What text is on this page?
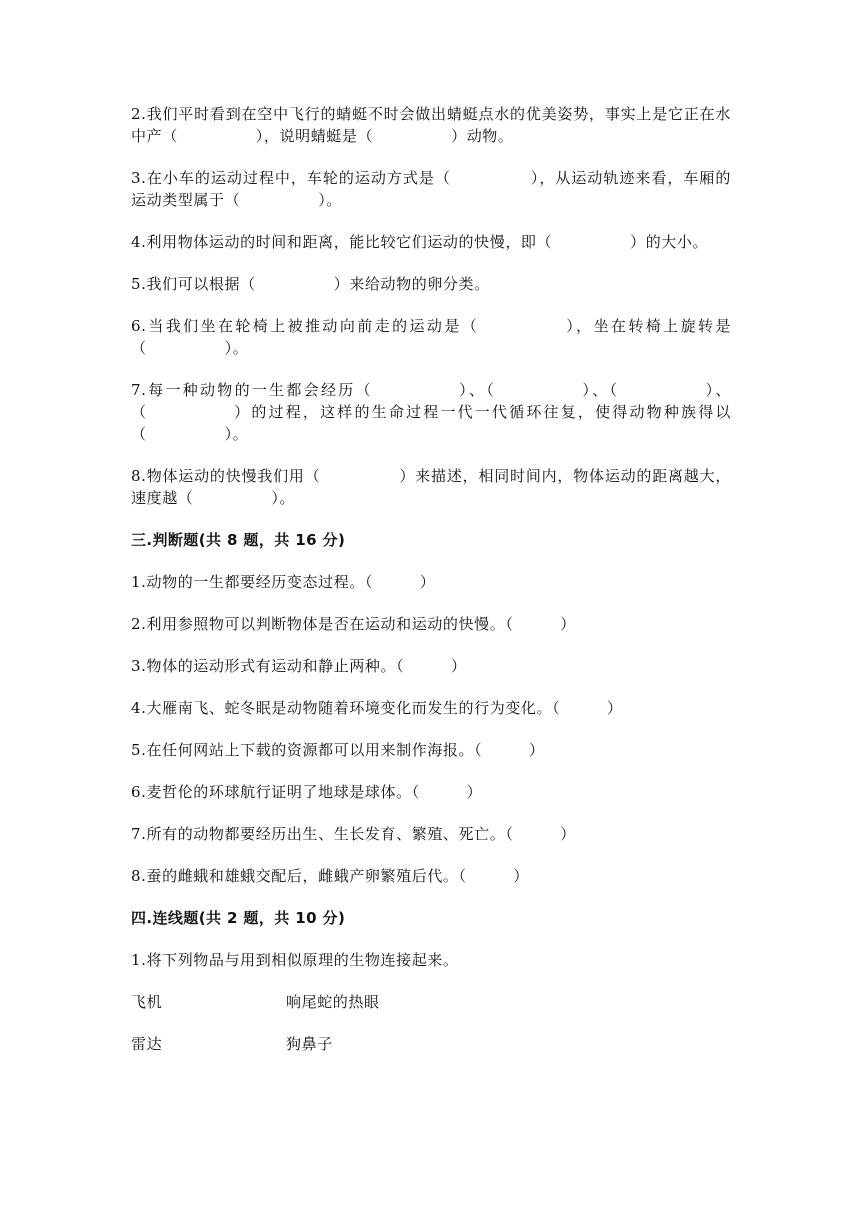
2.我们平时看到在空中飞行的蜻蜓不时会做出蜻蜓点水的优美姿势，事实上是它正在水中产（　　　　　），说明蜻蜓是（　　　　　）动物。

3.在小车的运动过程中，车轮的运动方式是（　　　　　），从运动轨迹来看，车厢的运动类型属于（　　　　　）。

4.利用物体运动的时间和距离，能比较它们运动的快慢，即（　　　　　）的大小。

5.我们可以根据（　　　　　）来给动物的卵分类。

6.当我们坐在轮椅上被推动向前走的运动是（　　　　　），坐在转椅上旋转是（　　　　　）。

7.每一种动物的一生都会经历（　　　　　）、（　　　　　）、（　　　　　）、（　　　　　）的过程，这样的生命过程一代一代循环往复，使得动物种族得以（　　　　　）。

8.物体运动的快慢我们用（　　　　　）来描述，相同时间内，物体运动的距离越大，速度越（　　　　　）。

三.判断题(共 8 题，共 16 分)

1.动物的一生都要经历变态过程。（　　　）

2.利用参照物可以判断物体是否在运动和运动的快慢。（　　　）

3.物体的运动形式有运动和静止两种。（　　　）

4.大雁南飞、蛇冬眠是动物随着环境变化而发生的行为变化。（　　　）

5.在任何网站上下载的资源都可以用来制作海报。（　　　）

6.麦哲伦的环球航行证明了地球是球体。（　　　）

7.所有的动物都要经历出生、生长发育、繁殖、死亡。（　　　）

8.蚕的雌蛾和雄蛾交配后，雌蛾产卵繁殖后代。（　　　）

四.连线题(共 2 题，共 10 分)

1.将下列物品与用到相似原理的生物连接起来。

飞机	响尾蛇的热眼
雷达	狗鼻子
